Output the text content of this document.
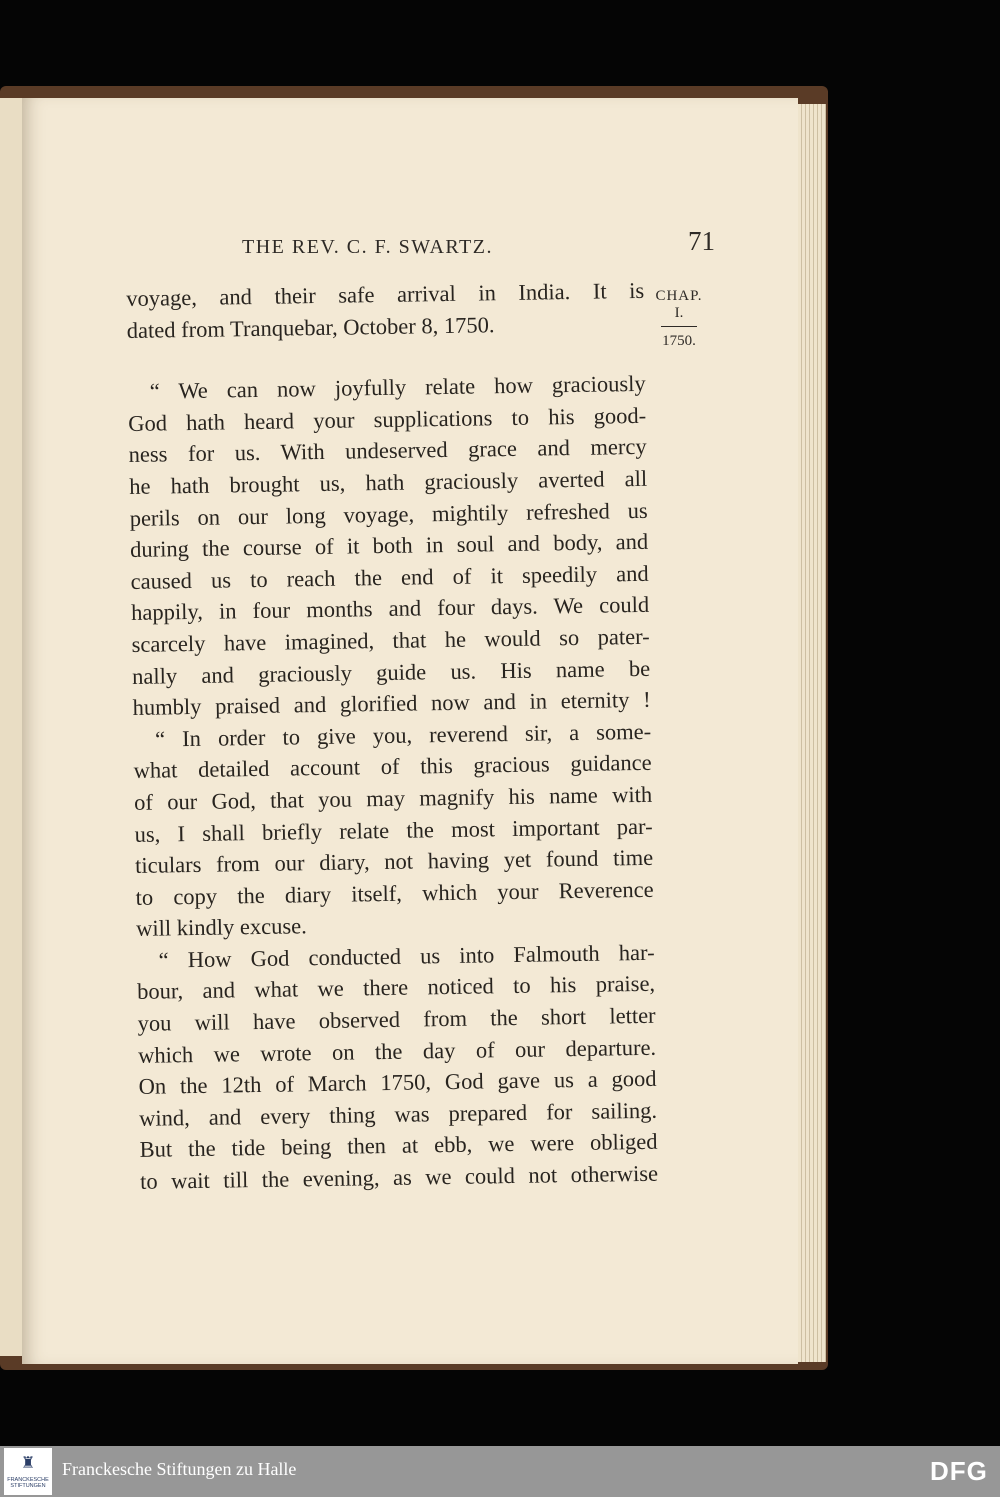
THE REV. C. F. SWARTZ.	71
CHAP.
I.
1750.
voyage, and their safe arrival in India. It is
dated from Tranquebar, October 8, 1750.
“ We can now joyfully relate how graciously
God hath heard your supplications to his good-
ness for us. With undeserved grace and mercy
he hath brought us, hath graciously averted all
perils on our long voyage, mightily refreshed us
during the course of it both in soul and body, and
caused us to reach the end of it speedily and
happily, in four months and four days. We could
scarcely have imagined, that he would so pater-
nally and graciously guide us. His name be
humbly praised and glorified now and in eternity !
“ In order to give you, reverend sir, a some-
what detailed account of this gracious guidance
of our God, that you may magnify his name with
us, I shall briefly relate the most important par-
ticulars from our diary, not having yet found time
to copy the diary itself, which your Reverence
will kindly excuse.
“ How God conducted us into Falmouth har-
bour, and what we there noticed to his praise,
you will have observed from the short letter
which we wrote on the day of our departure.
On the 12th of March 1750, God gave us a good
wind, and every thing was prepared for sailing.
But the tide being then at ebb, we were obliged
to wait till the evening, as we could not otherwise
♜
FRANCKESCHE STIFTUNGEN
Franckesche Stiftungen zu Halle	DFG
